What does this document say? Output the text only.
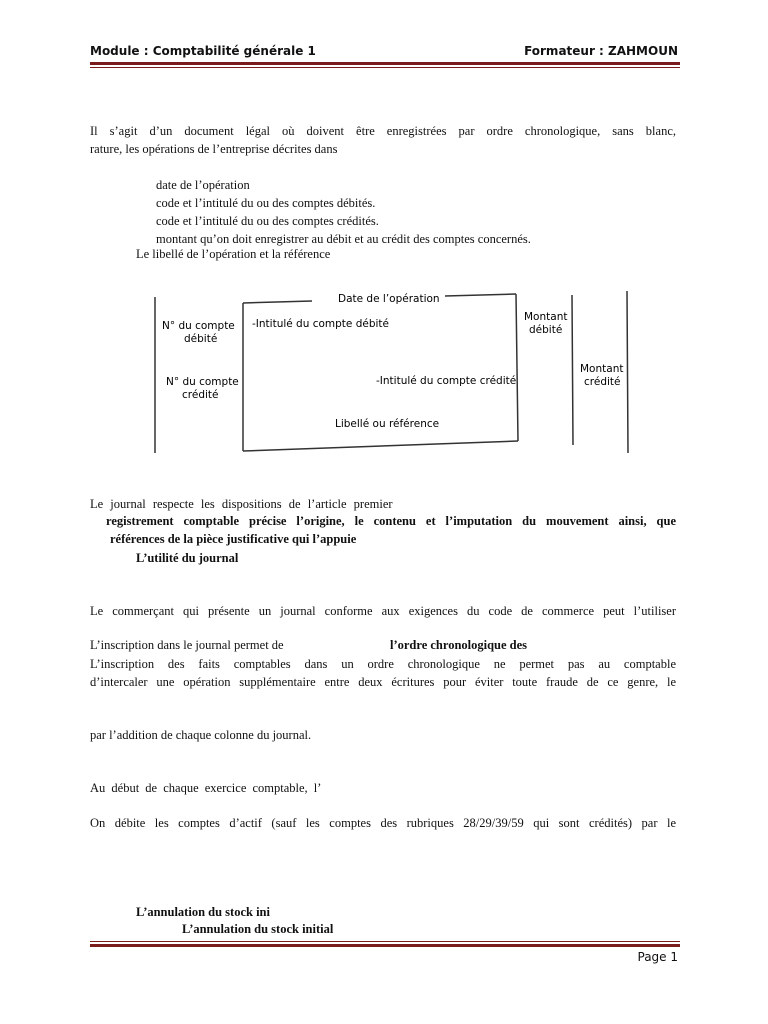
Module : Comptabilité générale 1	Formateur : ZAHMOUN
Il s’agit d’un document légal où doivent être enregistrées par ordre chronologique, sans blanc,
rature, les opérations de l’entreprise décrites dans
date de l’opération
code et l’intitulé du ou des comptes débités.
code et l’intitulé du ou des comptes crédités.
montant qu’on doit enregistrer au débit et au crédit des comptes concernés.
Le libellé de l’opération et la référence
Date de l’opération
N° du compte
débité
-Intitulé du compte débité
Montant
débité
Montant
crédité
N° du compte
crédité
-Intitulé du compte crédité
Libellé ou référence
Le journal respecte les dispositions de l’article premier
registrement comptable précise l’origine, le contenu et l’imputation du mouvement ainsi, que
références de la pièce justificative qui l’appuie
L’utilité du journal
Le commerçant qui présente un journal conforme aux exigences du code de commerce peut l’utiliser
L’inscription dans le journal permet de	l’ordre chronologique des
L’inscription des faits comptables dans un ordre chronologique ne permet pas au comptable
d’intercaler une opération supplémentaire entre deux écritures pour éviter toute fraude de ce genre, le
par l’addition de chaque colonne du journal.
Au début de chaque exercice comptable, l’
On débite les comptes d’actif (sauf les comptes des rubriques 28/29/39/59 qui sont crédités) par le
L’annulation du stock ini
L’annulation du stock initial
Page 1
